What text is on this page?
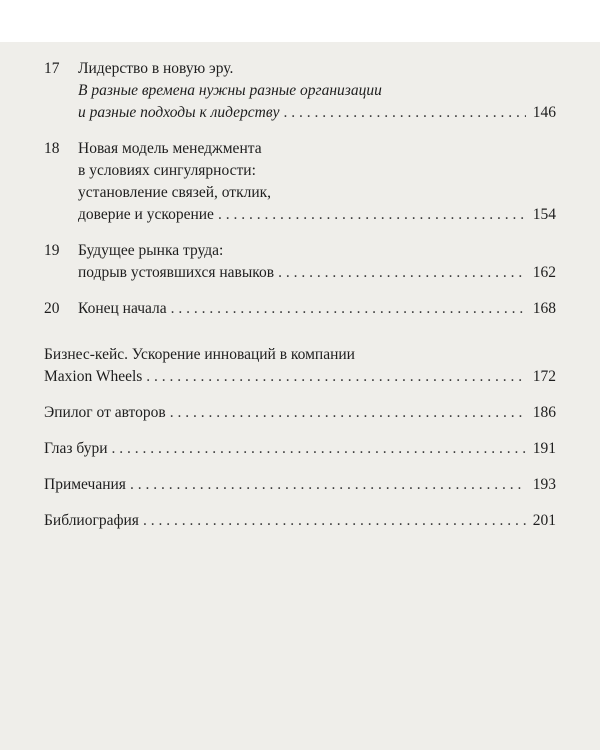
17	Лидерство в новую эру.
В разные времена нужны разные организации
и разные подходы к лидерству . . .	146
18	Новая модель менеджмента
в условиях сингулярности:
установление связей, отклик,
доверие и ускорение . . .	154
19	Будущее рынка труда:
подрыв устоявшихся навыков . . .	162
20	Конец начала . . .	168
Бизнес-кейс. Ускорение инноваций в компании
Maxion Wheels . . .	172
Эпилог от авторов . . .	186
Глаз бури . . .	191
Примечания . . .	193
Библиография . . .	201
